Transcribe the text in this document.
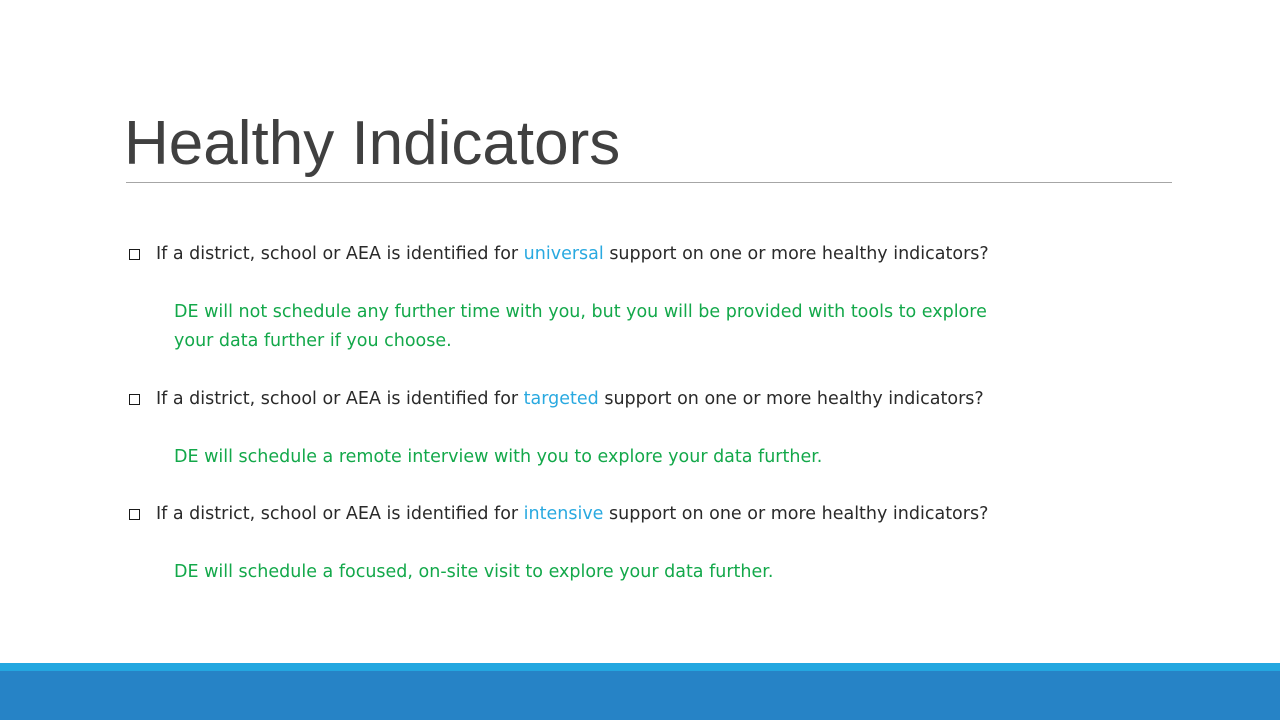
Healthy Indicators
If a district, school or AEA is identified for universal support on one or more healthy indicators?
DE will not schedule any further time with you, but you will be provided with tools to explore
your data further if you choose.
If a district, school or AEA is identified for targeted support on one or more healthy indicators?
DE will schedule a remote interview with you to explore your data further.
If a district, school or AEA is identified for intensive support on one or more healthy indicators?
DE will schedule a focused, on-site visit to explore your data further.
